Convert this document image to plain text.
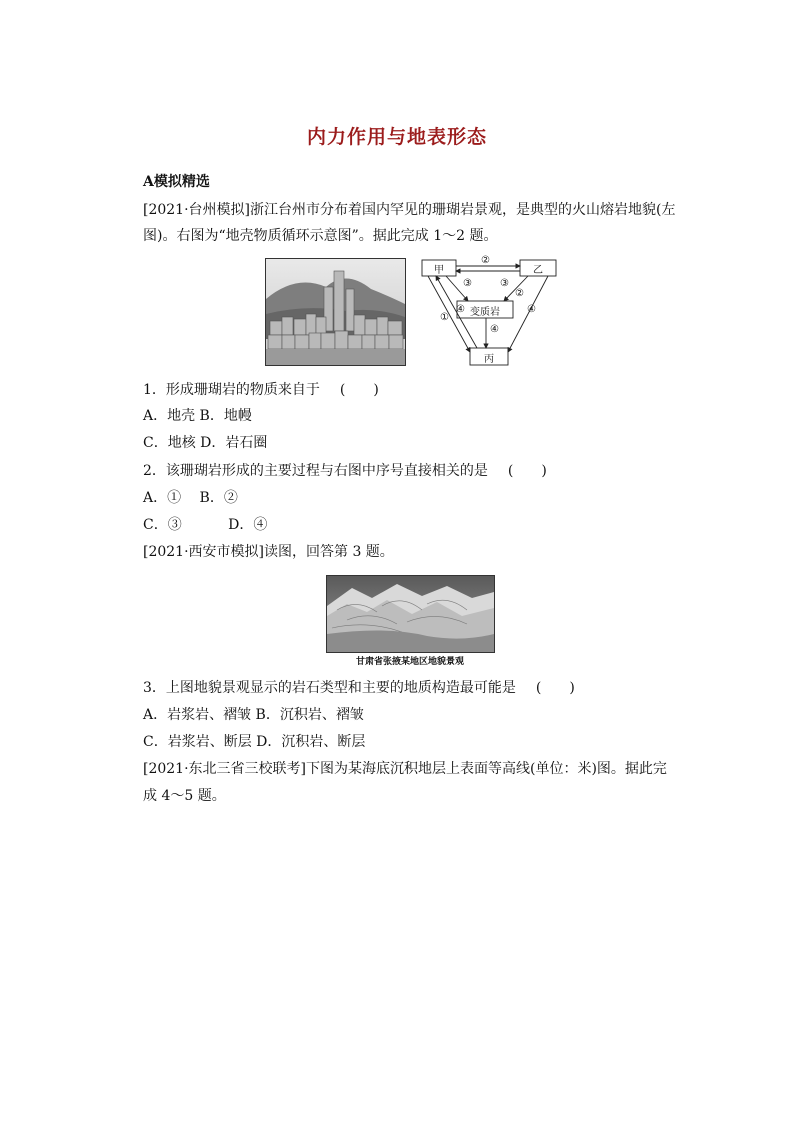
内力作用与地表形态
A模拟精选
[2021·台州模拟]浙江台州市分布着国内罕见的珊瑚岩景观，是典型的火山熔岩地貌(左
图)。右图为“地壳物质循环示意图”。据此完成 1～2 题。
甲	乙
丙
变质岩
②
①
③
④
③
②
④
④
1．形成珊瑚岩的物质来自于 (　　)
A．地壳 B．地幔
C．地核 D．岩石圈
2．该珊瑚岩形成的主要过程与右图中序号直接相关的是 (　　)
A．①　 B．②
C．③　　　 D．④
[2021·西安市模拟]读图，回答第 3 题。
甘肃省张掖某地区地貌景观
3．上图地貌景观显示的岩石类型和主要的地质构造最可能是 (　　)
A．岩浆岩、褶皱 B．沉积岩、褶皱
C．岩浆岩、断层 D．沉积岩、断层
[2021·东北三省三校联考]下图为某海底沉积地层上表面等高线(单位：米)图。据此完
成 4～5 题。
